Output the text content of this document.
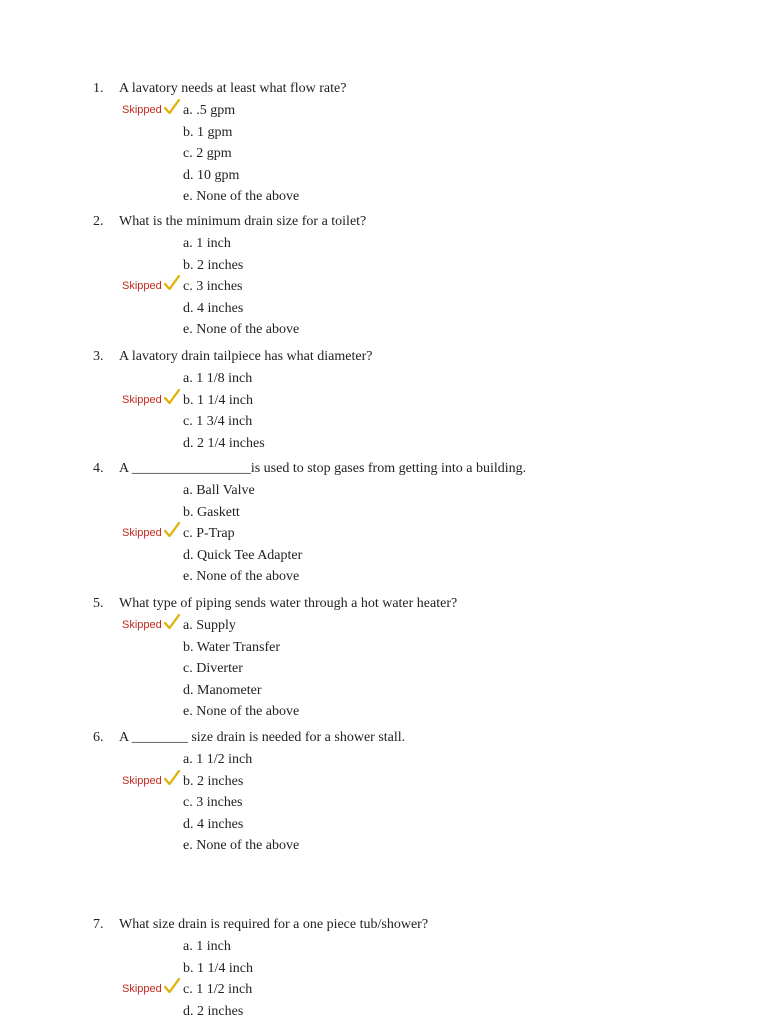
1. A lavatory needs at least what flow rate?
Skipped a. .5 gpm
b. 1 gpm
c. 2 gpm
d. 10 gpm
e. None of the above
2. What is the minimum drain size for a toilet?
a. 1 inch
b. 2 inches
Skipped c. 3 inches
d. 4 inches
e. None of the above
3. A lavatory drain tailpiece has what diameter?
a. 1 1/8 inch
Skipped b. 1 1/4 inch
c. 1 3/4 inch
d. 2 1/4 inches
4. A _________________is used to stop gases from getting into a building.
a. Ball Valve
b. Gaskett
Skipped c. P-Trap
d. Quick Tee Adapter
e. None of the above
5. What type of piping sends water through a hot water heater?
Skipped a. Supply
b. Water Transfer
c. Diverter
d. Manometer
e. None of the above
6. A ________ size drain is needed for a shower stall.
a. 1 1/2 inch
Skipped b. 2 inches
c. 3 inches
d. 4 inches
e. None of the above
7. What size drain is required for a one piece tub/shower?
a. 1 inch
b. 1 1/4 inch
Skipped c. 1 1/2 inch
d. 2 inches
